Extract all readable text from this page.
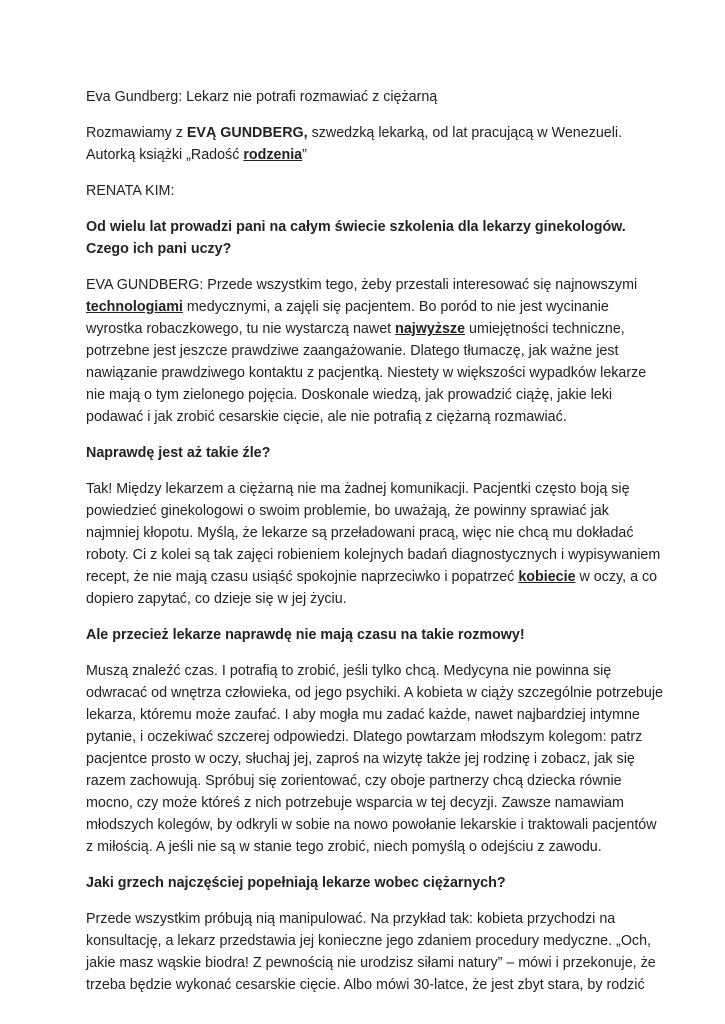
Eva Gundberg: Lekarz nie potrafi rozmawiać z ciężarną

Rozmawiamy z EVĄ GUNDBERG, szwedzką lekarką, od lat pracującą w Wenezueli. Autorką książki „Radość rodzenia”

RENATA KIM:

Od wielu lat prowadzi pani na całym świecie szkolenia dla lekarzy ginekologów. Czego ich pani uczy?

EVA GUNDBERG: Przede wszystkim tego, żeby przestali interesować się najnowszymi technologiami medycznymi, a zajęli się pacjentem. Bo poród to nie jest wycinanie wyrostka robaczkowego, tu nie wystarczą nawet najwyższe umiejętności techniczne, potrzebne jest jeszcze prawdziwe zaangażowanie. Dlatego tłumaczę, jak ważne jest nawiązanie prawdziwego kontaktu z pacjentką. Niestety w większości wypadków lekarze nie mają o tym zielonego pojęcia. Doskonale wiedzą, jak prowadzić ciążę, jakie leki podawać i jak zrobić cesarskie cięcie, ale nie potrafią z ciężarną rozmawiać.

Naprawdę jest aż takie źle?

Tak! Między lekarzem a ciężarną nie ma żadnej komunikacji. Pacjentki często boją się powiedzieć ginekologowi o swoim problemie, bo uważają, że powinny sprawiać jak najmniej kłopotu. Myślą, że lekarze są przeładowani pracą, więc nie chcą mu dokładać roboty. Ci z kolei są tak zajęci robieniem kolejnych badań diagnostycznych i wypisywaniem recept, że nie mają czasu usiąść spokojnie naprzeciwko i popatrzeć kobiecie w oczy, a co dopiero zapytać, co dzieje się w jej życiu.

Ale przecież lekarze naprawdę nie mają czasu na takie rozmowy!

Muszą znaleźć czas. I potrafią to zrobić, jeśli tylko chcą. Medycyna nie powinna się odwracać od wnętrza człowieka, od jego psychiki. A kobieta w ciąży szczególnie potrzebuje lekarza, któremu może zaufać. I aby mogła mu zadać każde, nawet najbardziej intymne pytanie, i oczekiwać szczerej odpowiedzi. Dlatego powtarzam młodszym kolegom: patrz pacjentce prosto w oczy, słuchaj jej, zaproś na wizytę także jej rodzinę i zobacz, jak się razem zachowują. Spróbuj się zorientować, czy oboje partnerzy chcą dziecka równie mocno, czy może któreś z nich potrzebuje wsparcia w tej decyzji. Zawsze namawiam młodszych kolegów, by odkryli w sobie na nowo powołanie lekarskie i traktowali pacjentów z miłością. A jeśli nie są w stanie tego zrobić, niech pomyślą o odejściu z zawodu.

Jaki grzech najczęściej popełniają lekarze wobec ciężarnych?

Przede wszystkim próbują nią manipulować. Na przykład tak: kobieta przychodzi na konsultację, a lekarz przedstawia jej konieczne jego zdaniem procedury medyczne. „Och, jakie masz wąskie biodra! Z pewnością nie urodzisz siłami natury” – mówi i przekonuje, że trzeba będzie wykonać cesarskie cięcie. Albo mówi 30-latce, że jest zbyt stara, by rodzić
